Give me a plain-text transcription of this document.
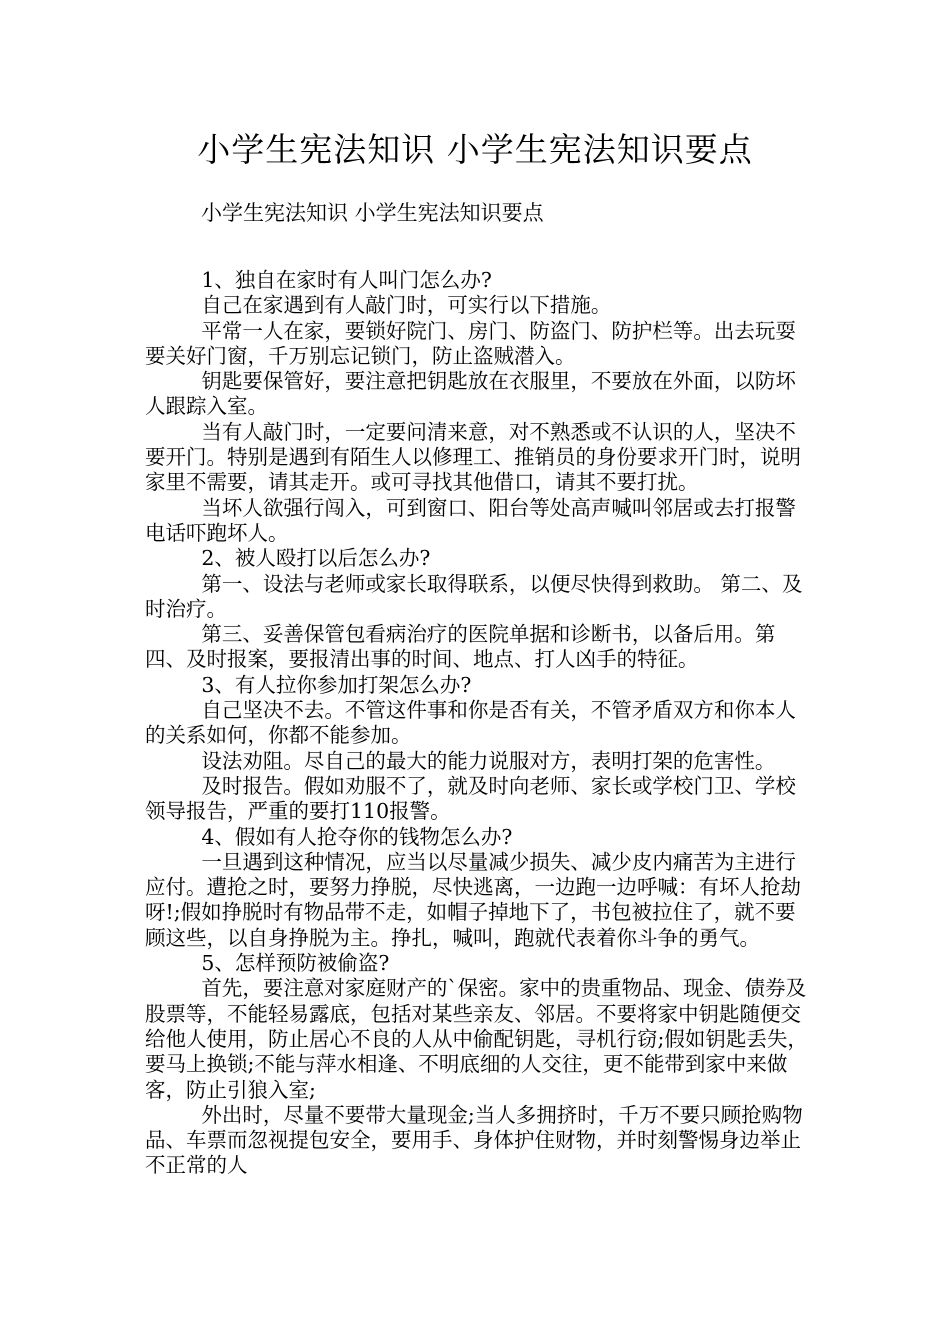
小学生宪法知识 小学生宪法知识要点
小学生宪法知识 小学生宪法知识要点

1、独自在家时有人叫门怎么办?

自己在家遇到有人敲门时，可实行以下措施。

平常一人在家，要锁好院门、房门、防盗门、防护栏等。出去玩耍要关好门窗，千万别忘记锁门，防止盗贼潜入。

钥匙要保管好，要注意把钥匙放在衣服里，不要放在外面，以防坏人跟踪入室。

当有人敲门时，一定要问清来意，对不熟悉或不认识的人，坚决不要开门。特别是遇到有陌生人以修理工、推销员的身份要求开门时，说明家里不需要，请其走开。或可寻找其他借口，请其不要打扰。

当坏人欲强行闯入，可到窗口、阳台等处高声喊叫邻居或去打报警电话吓跑坏人。

2、被人殴打以后怎么办?

第一、设法与老师或家长取得联系，以便尽快得到救助。 第二、及时治疗。

第三、妥善保管包看病治疗的医院单据和诊断书，以备后用。第四、及时报案，要报清出事的时间、地点、打人凶手的特征。

3、有人拉你参加打架怎么办?

自己坚决不去。不管这件事和你是否有关，不管矛盾双方和你本人的关系如何，你都不能参加。

设法劝阻。尽自己的最大的能力说服对方，表明打架的危害性。

及时报告。假如劝服不了，就及时向老师、家长或学校门卫、学校领导报告，严重的要打110报警。

4、假如有人抢夺你的钱物怎么办?

一旦遇到这种情况，应当以尽量减少损失、减少皮内痛苦为主进行应付。遭抢之时，要努力挣脱，尽快逃离，一边跑一边呼喊：有坏人抢劫呀!;假如挣脱时有物品带不走，如帽子掉地下了，书包被拉住了，就不要顾这些，以自身挣脱为主。挣扎，喊叫，跑就代表着你斗争的勇气。

5、怎样预防被偷盗?

首先，要注意对家庭财产的`保密。家中的贵重物品、现金、债券及股票等，不能轻易露底，包括对某些亲友、邻居。不要将家中钥匙随便交给他人使用，防止居心不良的人从中偷配钥匙，寻机行窃;假如钥匙丢失，要马上换锁;不能与萍水相逢、不明底细的人交往，更不能带到家中来做客，防止引狼入室;

外出时，尽量不要带大量现金;当人多拥挤时，千万不要只顾抢购物品、车票而忽视提包安全，要用手、身体护住财物，并时刻警惕身边举止不正常的人
